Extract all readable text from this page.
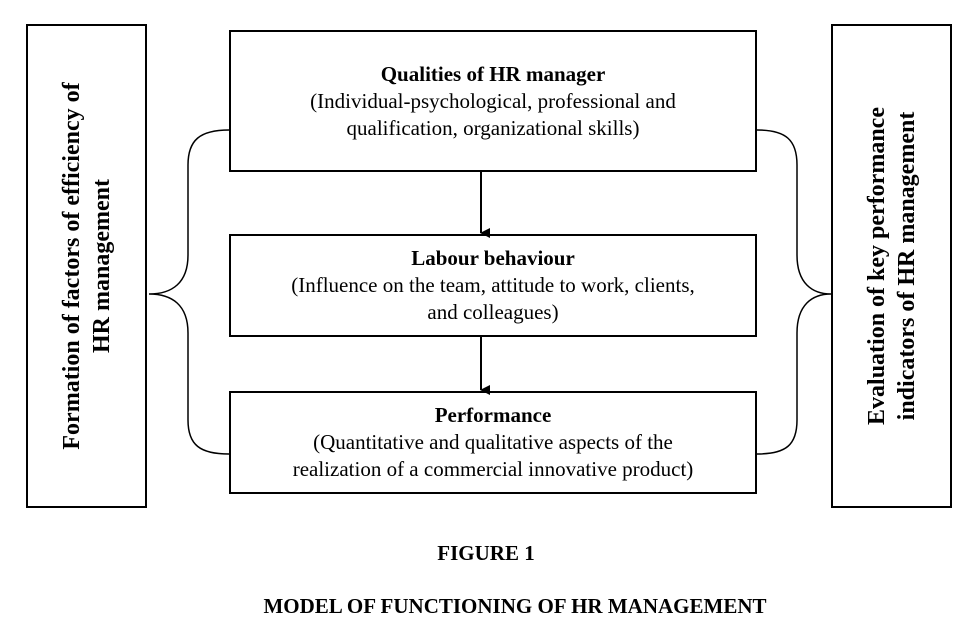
Formation of factors of efficiency of HR management	Evaluation of key performance indicators of HR management
Qualities of HR manager
(Individual-psychological, professional and
qualification, organizational skills)
Labour behaviour
(Influence on the team, attitude to work, clients,
and colleagues)
Performance
(Quantitative and qualitative aspects of the
realization of a commercial innovative product)
FIGURE 1
MODEL OF FUNCTIONING OF HR MANAGEMENT
